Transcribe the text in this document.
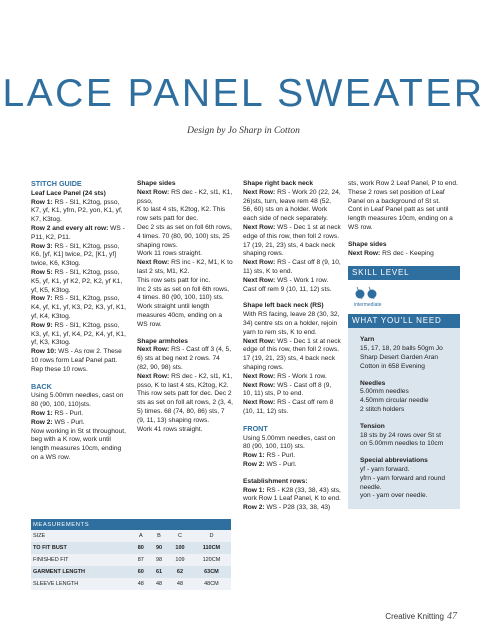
LACE PANEL SWEATER
Design by Jo Sharp in Cotton
STITCH GUIDE
Leaf Lace Panel (24 sts)
Row 1: RS - Sl1, K2tog, psso, K7, yf, K1, yfrn, P2, yon, K1, yf, K7, K3tog.
Row 2 and every alt row: WS - P11, K2, P11.
Row 3: RS - Sl1, K2tog, psso, K6, [yf, K1] twice, P2, [K1, yf] twice, K6, K3tog.
Row 5: RS - Sl1, K2tog, psso, K5, yf, K1, yf K2, P2, K2, yf K1, yf, K5, K3tog.
Row 7: RS - Sl1, K2tog, psso, K4, yf, K1, yf, K3, P2, K3, yf, K1, yf, K4, K3tog.
Row 9: RS - Sl1, K2tog, psso, K3, yf, K1, yf, K4, P2, K4, yf, K1, yf, K3, K3tog.

Row 10: WS - As row 2. These 10 rows form Leaf Panel patt. Rep these 10 rows.

BACK
Using 5.00mm needles, cast on 80 (90, 100, 110)sts.
Row 1: RS - Purl.
Row 2: WS - Purl.
Now working in St st throughout, beg with a K row, work until length measures 10cm, ending on a WS row.
Shape sides
Next Row: RS dec - K2, sl1, K1, psso,
K to last 4 sts, K2tog, K2. This row sets patt for dec.
Dec 2 sts as set on foll 6th rows, 4 times. 70 (80, 90, 100) sts, 25 shaping rows.
Work 11 rows straight.
Next Row: RS inc - K2, M1, K to last 2 sts, M1, K2.
This row sets patt for inc.
Inc 2 sts as set on foll 6th rows, 4 times. 80 (90, 100, 110) sts.

Work straight until length measures 40cm, ending on a WS row.

Shape armholes
Next Row: RS - Cast off 3 (4, 5, 6) sts at beg next 2 rows. 74 (82, 90, 98) sts.
Next Row: RS dec - K2, sl1, K1, psso, K to last 4 sts, K2tog, K2.
This row sets patt for dec. Dec 2 sts as set on foll alt rows, 2 (3, 4, 5) times. 68 (74, 80, 86) sts, 7 (9, 11, 13) shaping rows.
Work 41 rows straight.
Shape right back neck
Next Row: RS - Work 20 (22, 24, 26)sts, turn, leave rem 48 (52, 56, 60) sts on a holder. Work each side of neck separately.
Next Row: WS - Dec 1 st at neck edge of this row, then foll 2 rows. 17 (19, 21, 23) sts, 4 back neck shaping rows.
Next Row: RS - Cast off 8 (9, 10, 11) sts, K to end.
Next Row: WS - Work 1 row.

Cast off rem 9 (10, 11, 12) sts.

Shape left back neck (RS)
With RS facing, leave 28 (30, 32, 34) centre sts on a holder, rejoin yarn to rem sts, K to end.
Next Row: WS - Dec 1 st at neck edge of this row, then foll 2 rows. 17 (19, 21, 23) sts, 4 back neck shaping rows.
Next Row: RS - Work 1 row.
Next Row: WS - Cast off 8 (9, 10, 11) sts, P to end.

Next Row: RS - Cast off rem 8 (10, 11, 12) sts.

FRONT
Using 5.00mm needles, cast on 80 (90, 100, 110) sts.
Row 1: RS - Purl.

Row 2: WS - Purl.

Establishment rows:
Row 1: RS - K28 (33, 38, 43) sts, work Row 1 Leaf Panel, K to end.
Row 2: WS - P28 (33, 38, 43)
sts, work Row 2 Leaf Panel, P to end.
These 2 rows set position of Leaf Panel on a background of St st.

Cont in Leaf Panel patt as set until length measures 10cm, ending on a WS row.

Shape sides

Next Row: RS dec - Keeping

SKILL LEVEL
intermediate
WHAT YOU'LL NEED
Yarn

15, 17, 18, 20 balls 50gm Jo Sharp Desert Garden Aran Cotton in 658 Evening

Needles
5.00mm needles
4.50mm circular needle

2 stitch holders

Tension

18 sts by 24 rows over St st on 5.00mm needles to 10cm

Special abbreviations
yf - yarn forward.
yfrn - yarn forward and round needle.
yon - yarn over needle.
MEASUREMENTS				
SIZE	A	B	C	D
TO FIT BUST	80	90	100	110CM
FINISHED FIT	87	98	109	120CM
GARMENT LENGTH	60	61	62	63CM
SLEEVE LENGTH	48	48	48	48CM
Creative Knitting 47
